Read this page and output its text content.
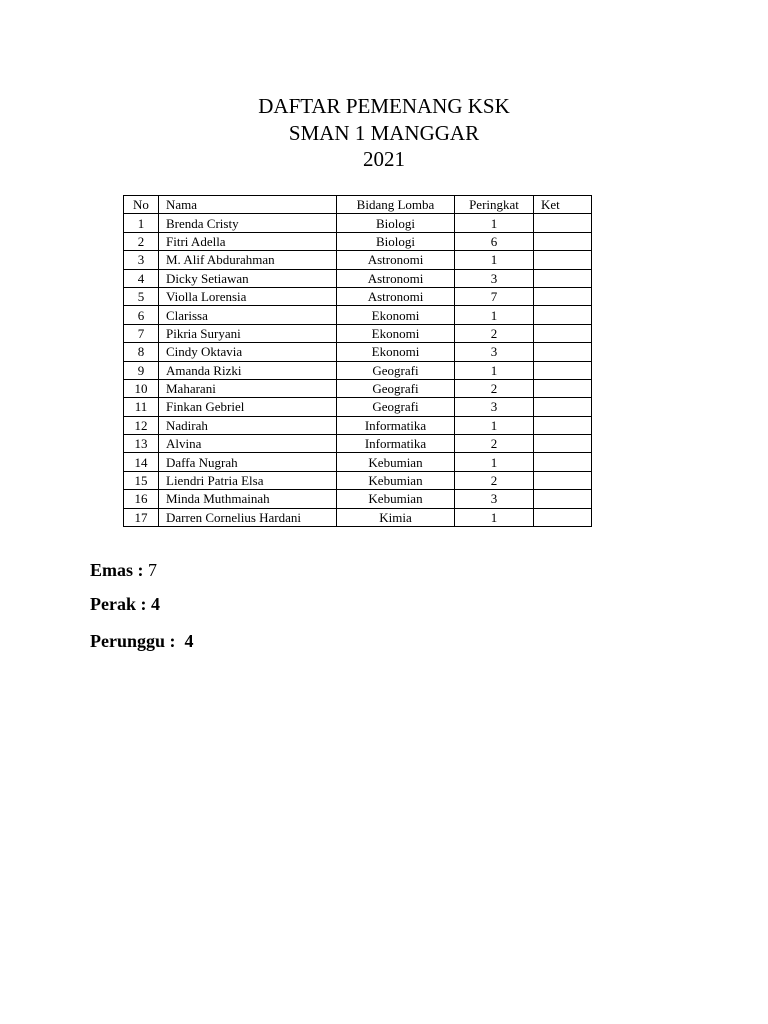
DAFTAR PEMENANG KSK
SMAN 1 MANGGAR
2021
No	Nama	Bidang Lomba	Peringkat	Ket
1	Brenda Cristy	Biologi	1	
2	Fitri Adella	Biologi	6	
3	M. Alif Abdurahman	Astronomi	1	
4	Dicky Setiawan	Astronomi	3	
5	Violla Lorensia	Astronomi	7	
6	Clarissa	Ekonomi	1	
7	Pikria Suryani	Ekonomi	2	
8	Cindy Oktavia	Ekonomi	3	
9	Amanda Rizki	Geografi	1	
10	Maharani	Geografi	2	
11	Finkan Gebriel	Geografi	3	
12	Nadirah	Informatika	1	
13	Alvina	Informatika	2	
14	Daffa Nugrah	Kebumian	1	
15	Liendri Patria Elsa	Kebumian	2	
16	Minda Muthmainah	Kebumian	3	
17	Darren Cornelius Hardani	Kimia	1	
Emas : 7
Perak : 4
Perunggu :  4
